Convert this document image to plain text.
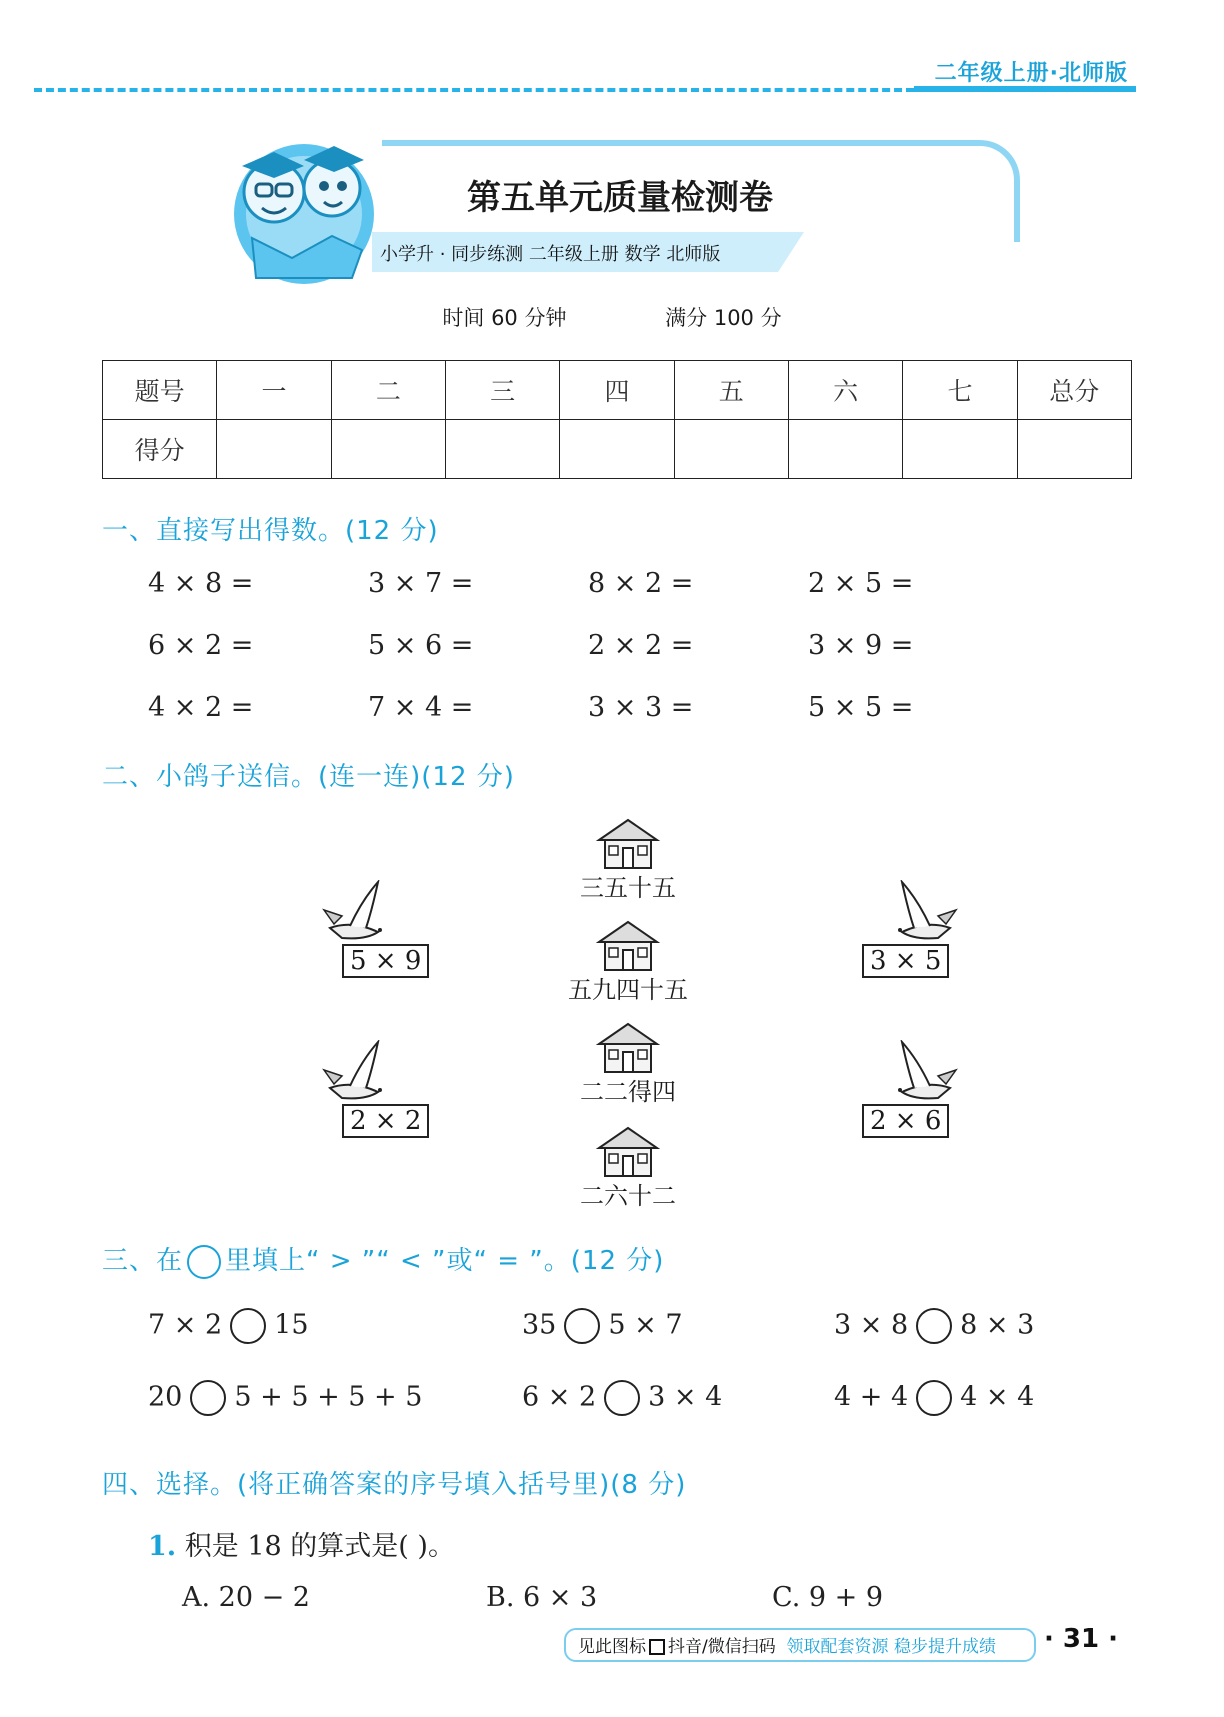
二年级上册·北师版
第五单元质量检测卷
小学升 · 同步练测 二年级上册 数学 北师版
时间 60 分钟	满分 100 分
题号	一	二	三	四	五	六	七	总分
得分								
一、直接写出得数。(12 分)
4 × 8 =	3 × 7 =	8 × 2 =	2 × 5 =
6 × 2 =	5 × 6 =	2 × 2 =	3 × 9 =
4 × 2 =	7 × 4 =	3 × 3 =	5 × 5 =
二、小鸽子送信。(连一连)(12 分)
三五十五
五九四十五
二二得四
二六十二
5 × 9
2 × 2
3 × 5
2 × 6
三、在 里填上“ > ”“ < ”或“ = ”。(12 分)
7 × 2 15	35 5 × 7	3 × 8 8 × 3
20 5 + 5 + 5 + 5	6 × 2 3 × 4	4 + 4 4 × 4
四、选择。(将正确答案的序号填入括号里)(8 分)
1. 积是 18 的算式是( )。
A. 20 − 2	B. 6 × 3	C. 9 + 9
见此图标 抖音/微信扫码 领取配套资源 稳步提升成绩	· 31 ·
